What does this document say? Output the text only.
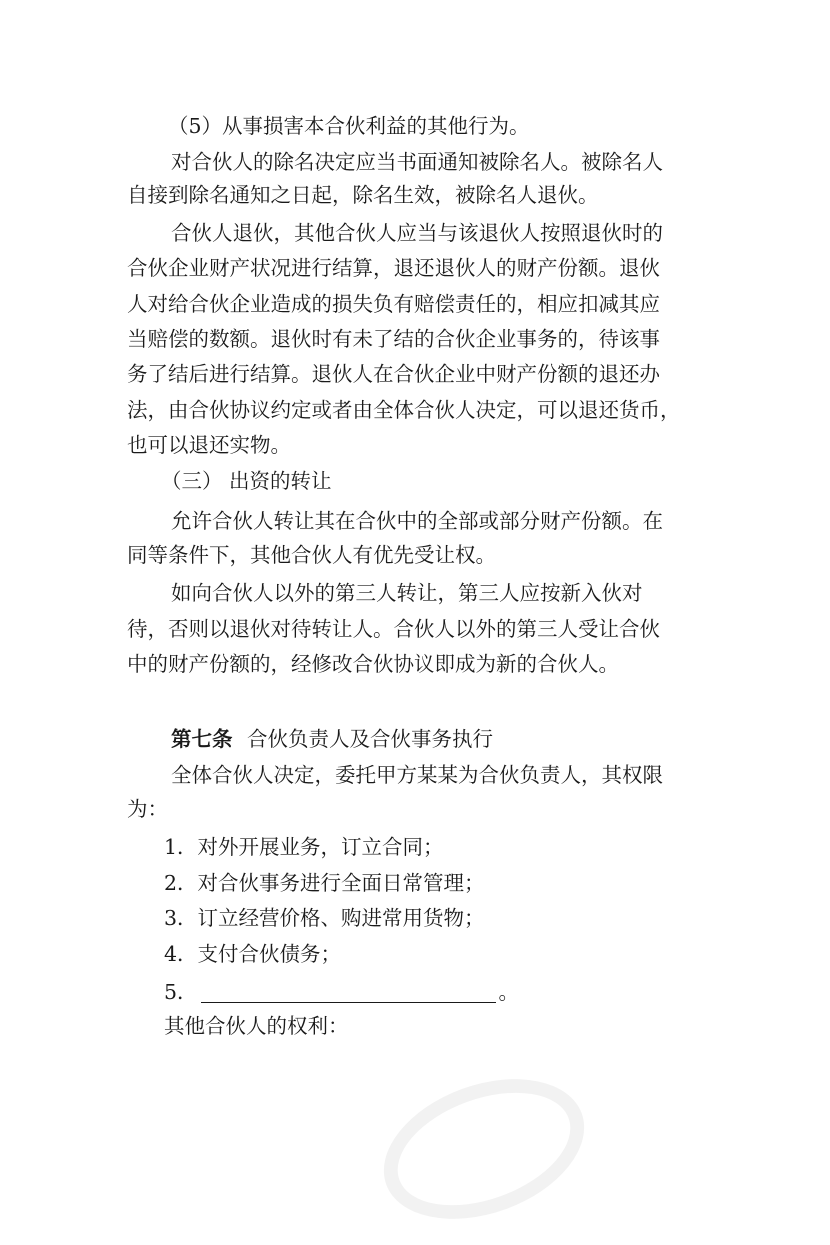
（5）从事损害本合伙利益的其他行为。
对合伙人的除名决定应当书面通知被除名人。被除名人
自接到除名通知之日起，除名生效，被除名人退伙。
合伙人退伙，其他合伙人应当与该退伙人按照退伙时的
合伙企业财产状况进行结算，退还退伙人的财产份额。退伙
人对给合伙企业造成的损失负有赔偿责任的，相应扣减其应
当赔偿的数额。退伙时有未了结的合伙企业事务的，待该事
务了结后进行结算。退伙人在合伙企业中财产份额的退还办
法，由合伙协议约定或者由全体合伙人决定，可以退还货币，
也可以退还实物。
（三） 出资的转让
允许合伙人转让其在合伙中的全部或部分财产份额。在
同等条件下，其他合伙人有优先受让权。
如向合伙人以外的第三人转让，第三人应按新入伙对
待，否则以退伙对待转让人。合伙人以外的第三人受让合伙
中的财产份额的，经修改合伙协议即成为新的合伙人。
第七条 合伙负责人及合伙事务执行
全体合伙人决定，委托甲方某某为合伙负责人，其权限
为：
1．对外开展业务，订立合同；
2．对合伙事务进行全面日常管理；
3．订立经营价格、购进常用货物；
4．支付合伙债务；
5．	。
其他合伙人的权利：
